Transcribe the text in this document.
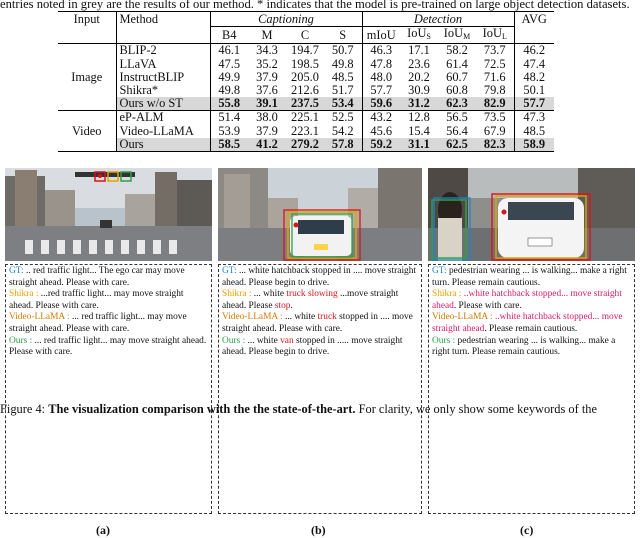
entries noted in grey are the results of our method. * indicates that the model is pre-trained on large object detection datasets.
Input	Method	Captioning				Detection				AVG
		B4	M	C	S	mIoU	IoU$_S$	IoU$_M$	IoU$_L$	
	BLIP-2	46.1	34.3	194.7	50.7	46.3	17.1	58.2	73.7	46.2
	LLaVA	47.5	35.2	198.5	49.8	47.8	23.6	61.4	72.5	47.4
Image	InstructBLIP	49.9	37.9	205.0	48.5	48.0	20.2	60.7	71.6	48.2
	Shikra*	49.8	37.6	212.6	51.7	57.7	30.9	60.8	79.8	50.1
	Ours w/o ST	55.8	39.1	237.5	53.4	59.6	31.2	62.3	82.9	57.7
	eP-ALM	51.4	38.0	225.1	52.5	43.2	12.8	56.5	73.5	47.3
Video	Video-LLaMA	53.9	37.9	223.1	54.2	45.6	15.4	56.4	67.9	48.5
	Ours	58.5	41.2	279.2	57.8	59.2	31.1	62.5	82.3	58.9

GT: .. red traffic light... The ego car may move straight ahead. Please with care.

Shikra : ...red traffic light... may move straight ahead. Please with care.

Video-LLaMA : ... red traffic light... may move straight ahead. Please with care.

Ours : ... red traffic light... may move straight ahead. Please with care.

(a)

GT: ... white hatchback stopped in .... move straight ahead. Please begin to drive.

Shikra : ... white truck slowing ...move straight ahead. Please stop.

Video-LLaMA : ... white truck stopped in .... move straight ahead. Please with care.

Ours : ... white van stopped in ..... move straight ahead. Please begin to drive.

(b)

GT: pedestrian wearing ... is walking... make a right turn. Please remain cautious.

Shikra : ..white hatchback stopped... move straight ahead. Please with care.

Video-LLaMA : ..white hatchback stopped... move straight ahead. Please remain cautious.

Ours : pedestrian wearing ... is walking... make a right turn. Please remain cautious.

(c)
Figure 4: The visualization comparison with the the state-of-the-art. For clarity, we only show some keywords of the
